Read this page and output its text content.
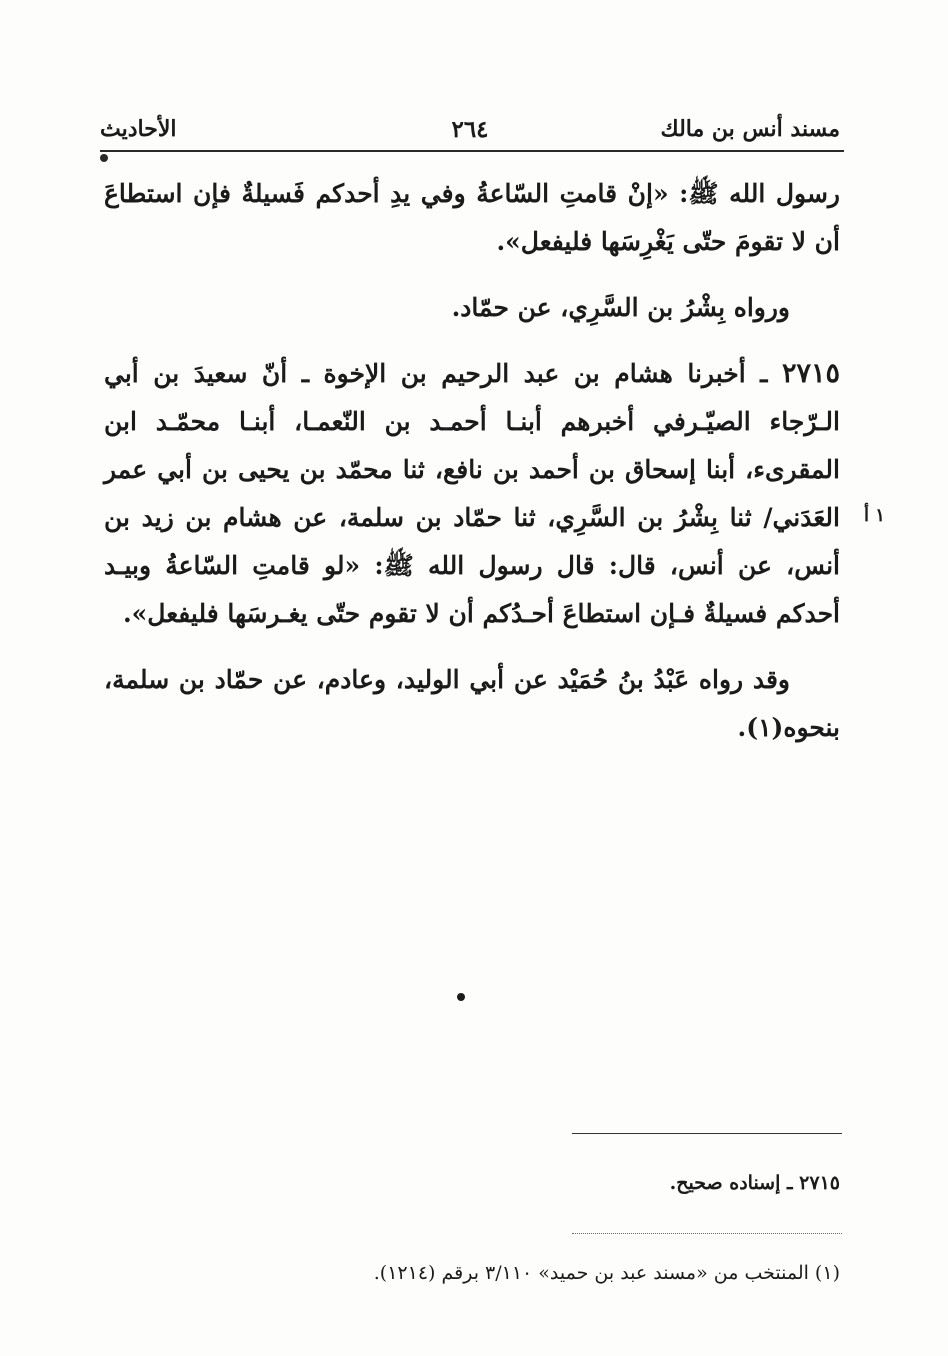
مسند أنس بن مالك
٢٦٤
الأحاديث

رسول الله ﷺ: «إنْ قامتِ السّاعةُ وفي يدِ أحدكم فَسيلةٌ فإن استطاعَ أن لا تقومَ حتّى يَغْرِسَها فليفعل».

ورواه بِشْرُ بن السَّرِي، عن حمّاد.

٢٧١٥ ـ أخبرنا هشام بن عبد الرحيم بن الإخوة ـ أنّ سعيدَ بن أبي الـرّجاء الصيّـرفي أخبرهم أبنـا أحمـد بن النّعمـا، أبنـا محمّـد ابن المقرىء، أبنا إسحاق بن أحمد بن نافع، ثنا محمّد بن يحيى بن أبي عمر العَدَني/ ثنا بِشْرُ بن السَّرِي، ثنا حمّاد بن سلمة، عن هشام بن زيد بن أنس، عن أنس، قال: قال رسول الله ﷺ: «لو قامتِ السّاعةُ وبيـد أحدكم فسيلةٌ فـإن استطاعَ أحـدُكم أن لا تقوم حتّى يغـرسَها فليفعل».

وقد رواه عَبْدُ بنُ حُمَيْد عن أبي الوليد، وعادم، عن حمّاد بن سلمة، بنحوه(١).

١ أ
٢٧١٥ ـ إسناده صحيح.
(١) المنتخب من «مسند عبد بن حميد» ٣/١١٠ برقم (١٢١٤).
